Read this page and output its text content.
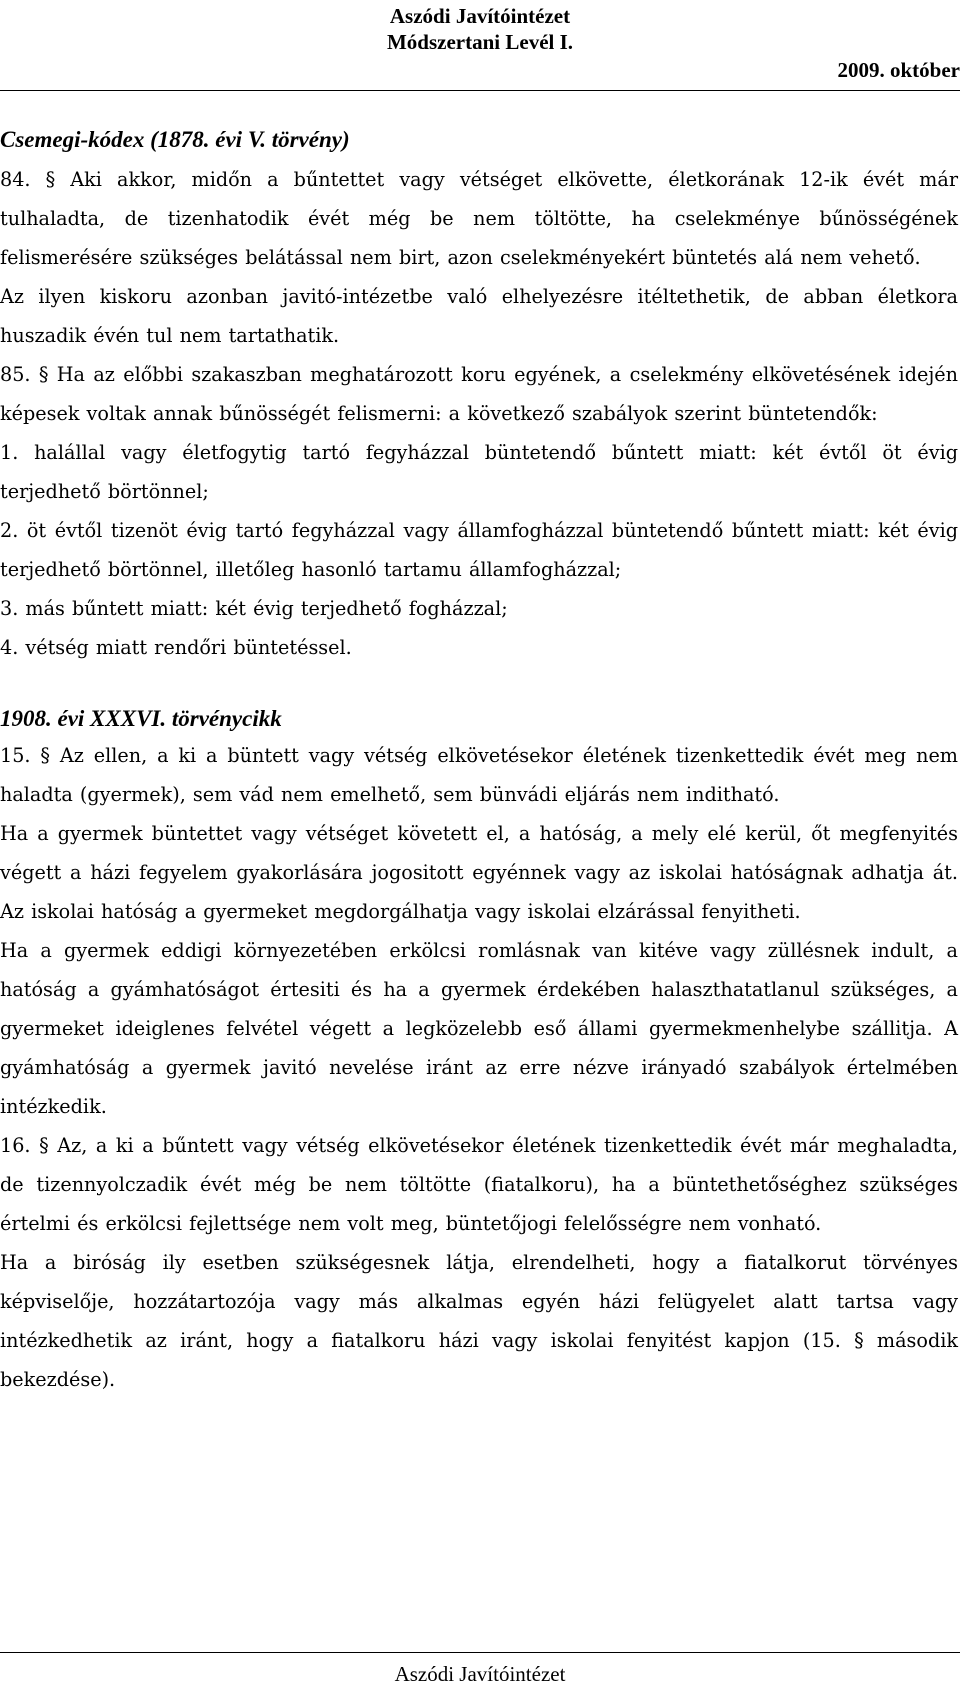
Aszódi Javítóintézet
Módszertani Levél I.
2009. október
Csemegi-kódex (1878. évi V. törvény)

84. § Aki akkor, midőn a bűntettet vagy vétséget elkövette, életkorának 12-ik évét már tulhaladta, de tizenhatodik évét még be nem töltötte, ha cselekménye bűnösségének felismerésére szükséges belátással nem birt, azon cselekményekért büntetés alá nem vehető.

Az ilyen kiskoru azonban javitó-intézetbe való elhelyezésre itéltethetik, de abban életkora huszadik évén tul nem tartathatik.

85. § Ha az előbbi szakaszban meghatározott koru egyének, a cselekmény elkövetésének idején képesek voltak annak bűnösségét felismerni: a következő szabályok szerint büntetendők:

1. halállal vagy életfogytig tartó fegyházzal büntetendő bűntett miatt: két évtől öt évig terjedhető börtönnel;

2. öt évtől tizenöt évig tartó fegyházzal vagy államfogházzal büntetendő bűntett miatt: két évig terjedhető börtönnel, illetőleg hasonló tartamu államfogházzal;

3. más bűntett miatt: két évig terjedhető fogházzal;

4. vétség miatt rendőri büntetéssel.

1908. évi XXXVI. törvénycikk

15. § Az ellen, a ki a büntett vagy vétség elkövetésekor életének tizenkettedik évét meg nem haladta (gyermek), sem vád nem emelhető, sem bünvádi eljárás nem inditható.

Ha a gyermek büntettet vagy vétséget követett el, a hatóság, a mely elé kerül, őt megfenyités végett a házi fegyelem gyakorlására jogositott egyénnek vagy az iskolai hatóságnak adhatja át. Az iskolai hatóság a gyermeket megdorgálhatja vagy iskolai elzárással fenyitheti.

Ha a gyermek eddigi környezetében erkölcsi romlásnak van kitéve vagy züllésnek indult, a hatóság a gyámhatóságot értesiti és ha a gyermek érdekében halaszthatatlanul szükséges, a gyermeket ideiglenes felvétel végett a legközelebb eső állami gyermekmenhelybe szállitja. A gyámhatóság a gyermek javitó nevelése iránt az erre nézve irányadó szabályok értelmében intézkedik.

16. § Az, a ki a bűntett vagy vétség elkövetésekor életének tizenkettedik évét már meghaladta, de tizennyolczadik évét még be nem töltötte (fiatalkoru), ha a büntethetőséghez szükséges értelmi és erkölcsi fejlettsége nem volt meg, büntetőjogi felelősségre nem vonható.

Ha a biróság ily esetben szükségesnek látja, elrendelheti, hogy a fiatalkorut törvényes képviselője, hozzátartozója vagy más alkalmas egyén házi felügyelet alatt tartsa vagy intézkedhetik az iránt, hogy a fiatalkoru házi vagy iskolai fenyitést kapjon (15. § második bekezdése).

Aszódi Javítóintézet
